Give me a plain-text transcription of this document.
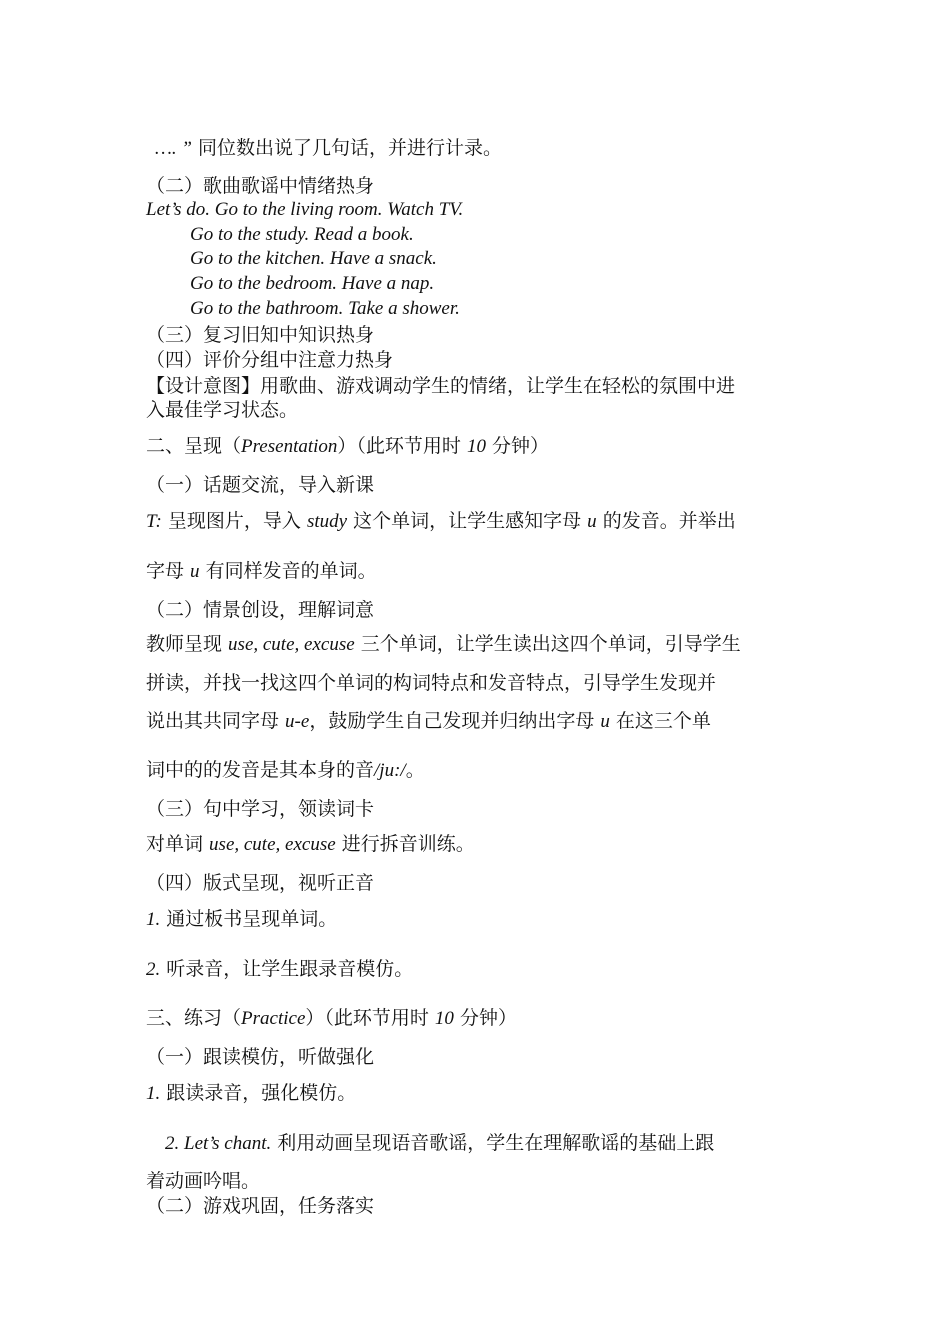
…. ” 同位数出说了几句话，并进行计录。
（二）歌曲歌谣中情绪热身
Let’s do. Go to the living room. Watch TV.
Go to the study. Read a book.
Go to the kitchen. Have a snack.
Go to the bedroom. Have a nap.
Go to the bathroom. Take a shower.
（三）复习旧知中知识热身
（四）评价分组中注意力热身
【设计意图】用歌曲、游戏调动学生的情绪，让学生在轻松的氛围中进
入最佳学习状态。
二、呈现（Presentation）（此环节用时 10 分钟）
（一）话题交流，导入新课
T: 呈现图片，导入 study 这个单词，让学生感知字母 u 的发音。并举出
字母 u 有同样发音的单词。
（二）情景创设，理解词意
教师呈现 use, cute, excuse 三个单词，让学生读出这四个单词，引导学生
拼读，并找一找这四个单词的构词特点和发音特点，引导学生发现并
说出其共同字母 u-e，鼓励学生自己发现并归纳出字母 u 在这三个单
词中的的发音是其本身的音/ju:/。
（三）句中学习，领读词卡
对单词 use, cute, excuse 进行拆音训练。
（四）版式呈现，视听正音
1. 通过板书呈现单词。
2. 听录音，让学生跟录音模仿。
三、练习（Practice）（此环节用时 10 分钟）
（一）跟读模仿，听做强化
1. 跟读录音，强化模仿。
2. Let’s chant. 利用动画呈现语音歌谣，学生在理解歌谣的基础上跟
着动画吟唱。
（二）游戏巩固，任务落实
